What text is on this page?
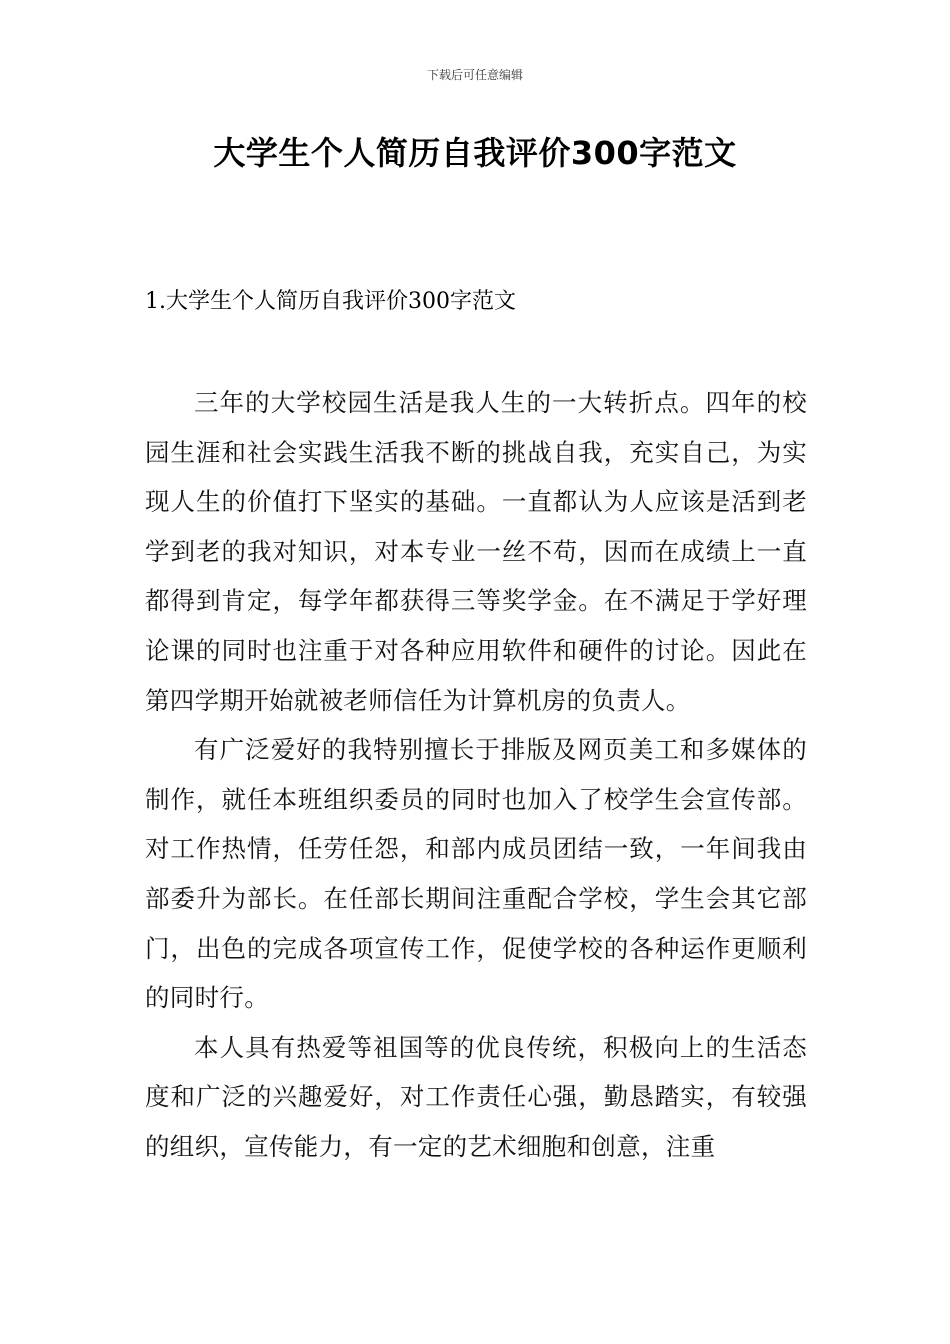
下载后可任意编辑
大学生个人简历自我评价300字范文
1.大学生个人简历自我评价300字范文

三年的大学校园生活是我人生的一大转折点。四年的校园生涯和社会实践生活我不断的挑战自我，充实自己，为实现人生的价值打下坚实的基础。一直都认为人应该是活到老学到老的我对知识，对本专业一丝不苟，因而在成绩上一直都得到肯定，每学年都获得三等奖学金。在不满足于学好理论课的同时也注重于对各种应用软件和硬件的讨论。因此在第四学期开始就被老师信任为计算机房的负责人。

有广泛爱好的我特别擅长于排版及网页美工和多媒体的制作，就任本班组织委员的同时也加入了校学生会宣传部。对工作热情，任劳任怨，和部内成员团结一致，一年间我由部委升为部长。在任部长期间注重配合学校，学生会其它部门，出色的完成各项宣传工作，促使学校的各种运作更顺利的同时行。

本人具有热爱等祖国等的优良传统，积极向上的生活态度和广泛的兴趣爱好，对工作责任心强，勤恳踏实，有较强的组织，宣传能力，有一定的艺术细胞和创意，注重
